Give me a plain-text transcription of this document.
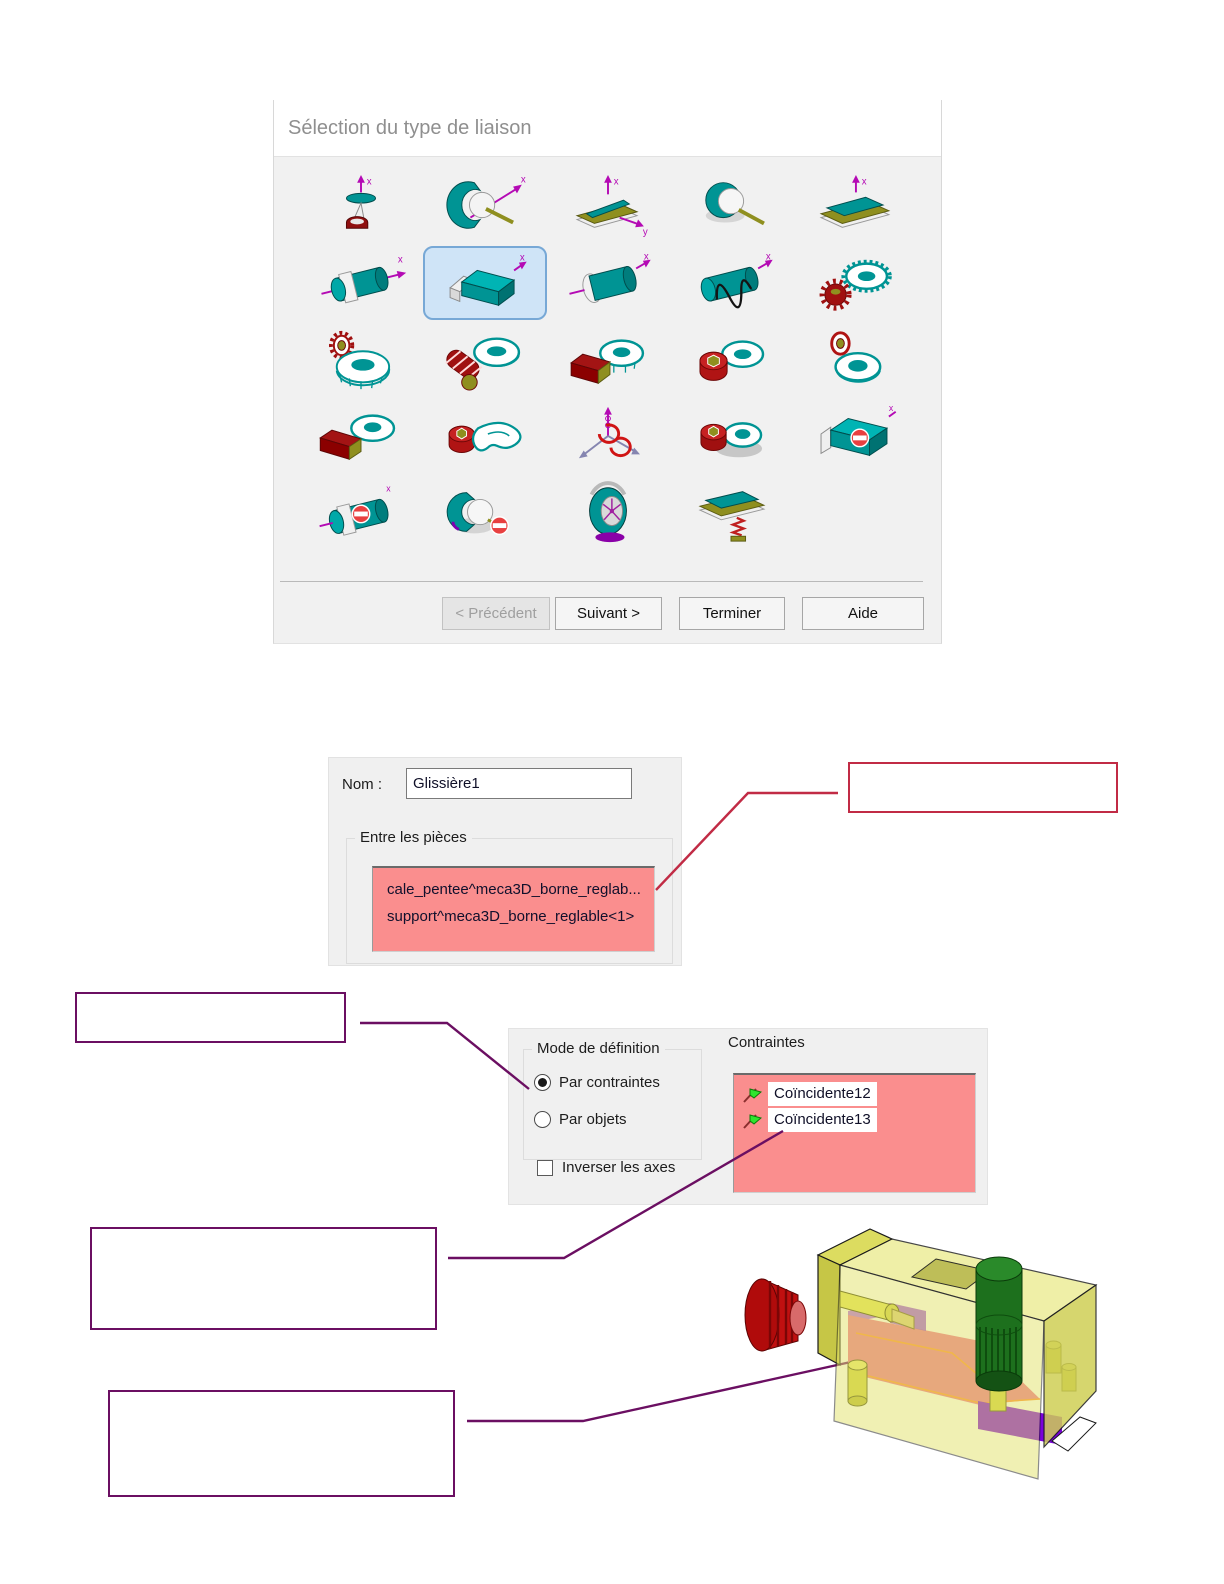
Sélection du type de liaison
x	x	x
y
x
x	x	x	x
x
x
< Précédent	Suivant >	Terminer	Aide
Nom :
Glissière1
Entre les pièces
cale_pentee^meca3D_borne_reglab...
support^meca3D_borne_reglable<1>
Mode de définition
Par contraintes
Par objets
Inverser les axes
Contraintes
Coïncidente12
Coïncidente13
